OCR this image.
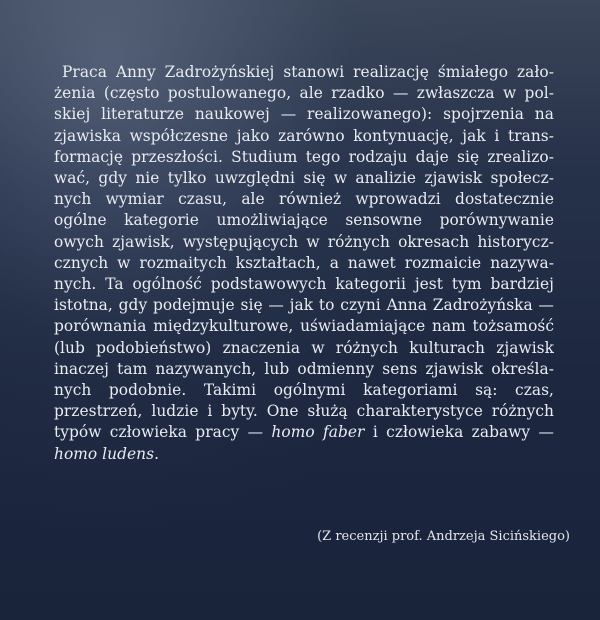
Praca Anny Zadrożyńskiej stanowi realizację śmiałego zało-
żenia (często postulowanego, ale rzadko — zwłaszcza w pol-
skiej literaturze naukowej — realizowanego): spojrzenia na
zjawiska współczesne jako zarówno kontynuację, jak i trans-
formację przeszłości. Studium tego rodzaju daje się zrealizo-
wać, gdy nie tylko uwzględni się w analizie zjawisk społecz-
nych wymiar czasu, ale również wprowadzi dostatecznie
ogólne kategorie umożliwiające sensowne porównywanie
owych zjawisk, występujących w różnych okresach historycz-
cznych w rozmaitych kształtach, a nawet rozmaicie nazywa-
nych. Ta ogólność podstawowych kategorii jest tym bardziej
istotna, gdy podejmuje się — jak to czyni Anna Zadrożyńska —
porównania międzykulturowe, uświadamiające nam tożsamość
(lub podobieństwo) znaczenia w różnych kulturach zjawisk
inaczej tam nazywanych, lub odmienny sens zjawisk określa-
nych podobnie. Takimi ogólnymi kategoriami są: czas,
przestrzeń, ludzie i byty. One służą charakterystyce różnych
typów człowieka pracy — homo faber i człowieka zabawy —
homo ludens.
(Z recenzji prof. Andrzeja Sicińskiego)
